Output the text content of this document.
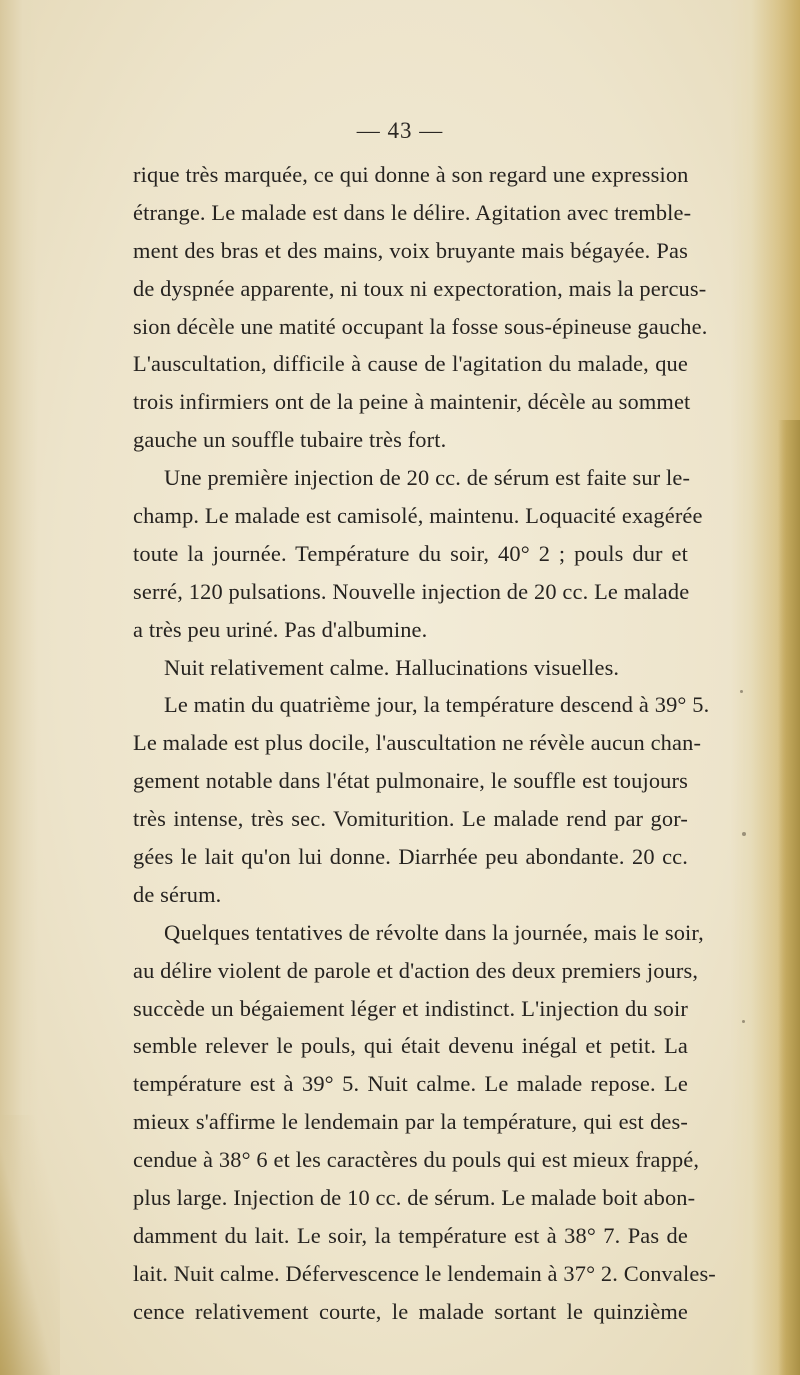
— 43 —
rique très marquée, ce qui donne à son regard une expression
étrange. Le malade est dans le délire. Agitation avec tremble-
ment des bras et des mains, voix bruyante mais bégayée. Pas
de dyspnée apparente, ni toux ni expectoration, mais la percus-
sion décèle une matité occupant la fosse sous-épineuse gauche.
L'auscultation, difficile à cause de l'agitation du malade, que
trois infirmiers ont de la peine à maintenir, décèle au sommet
gauche un souffle tubaire très fort.
Une première injection de 20 cc. de sérum est faite sur le-
champ. Le malade est camisolé, maintenu. Loquacité exagérée
toute la journée. Température du soir, 40° 2 ; pouls dur et
serré, 120 pulsations. Nouvelle injection de 20 cc. Le malade
a très peu uriné. Pas d'albumine.
Nuit relativement calme. Hallucinations visuelles.
Le matin du quatrième jour, la température descend à 39° 5.
Le malade est plus docile, l'auscultation ne révèle aucun chan-
gement notable dans l'état pulmonaire, le souffle est toujours
très intense, très sec. Vomiturition. Le malade rend par gor-
gées le lait qu'on lui donne. Diarrhée peu abondante. 20 cc.
de sérum.
Quelques tentatives de révolte dans la journée, mais le soir,
au délire violent de parole et d'action des deux premiers jours,
succède un bégaiement léger et indistinct. L'injection du soir
semble relever le pouls, qui était devenu inégal et petit. La
température est à 39° 5. Nuit calme. Le malade repose. Le
mieux s'affirme le lendemain par la température, qui est des-
cendue à 38° 6 et les caractères du pouls qui est mieux frappé,
plus large. Injection de 10 cc. de sérum. Le malade boit abon-
damment du lait. Le soir, la température est à 38° 7. Pas de
lait. Nuit calme. Défervescence le lendemain à 37° 2. Convales-
cence relativement courte, le malade sortant le quinzième
